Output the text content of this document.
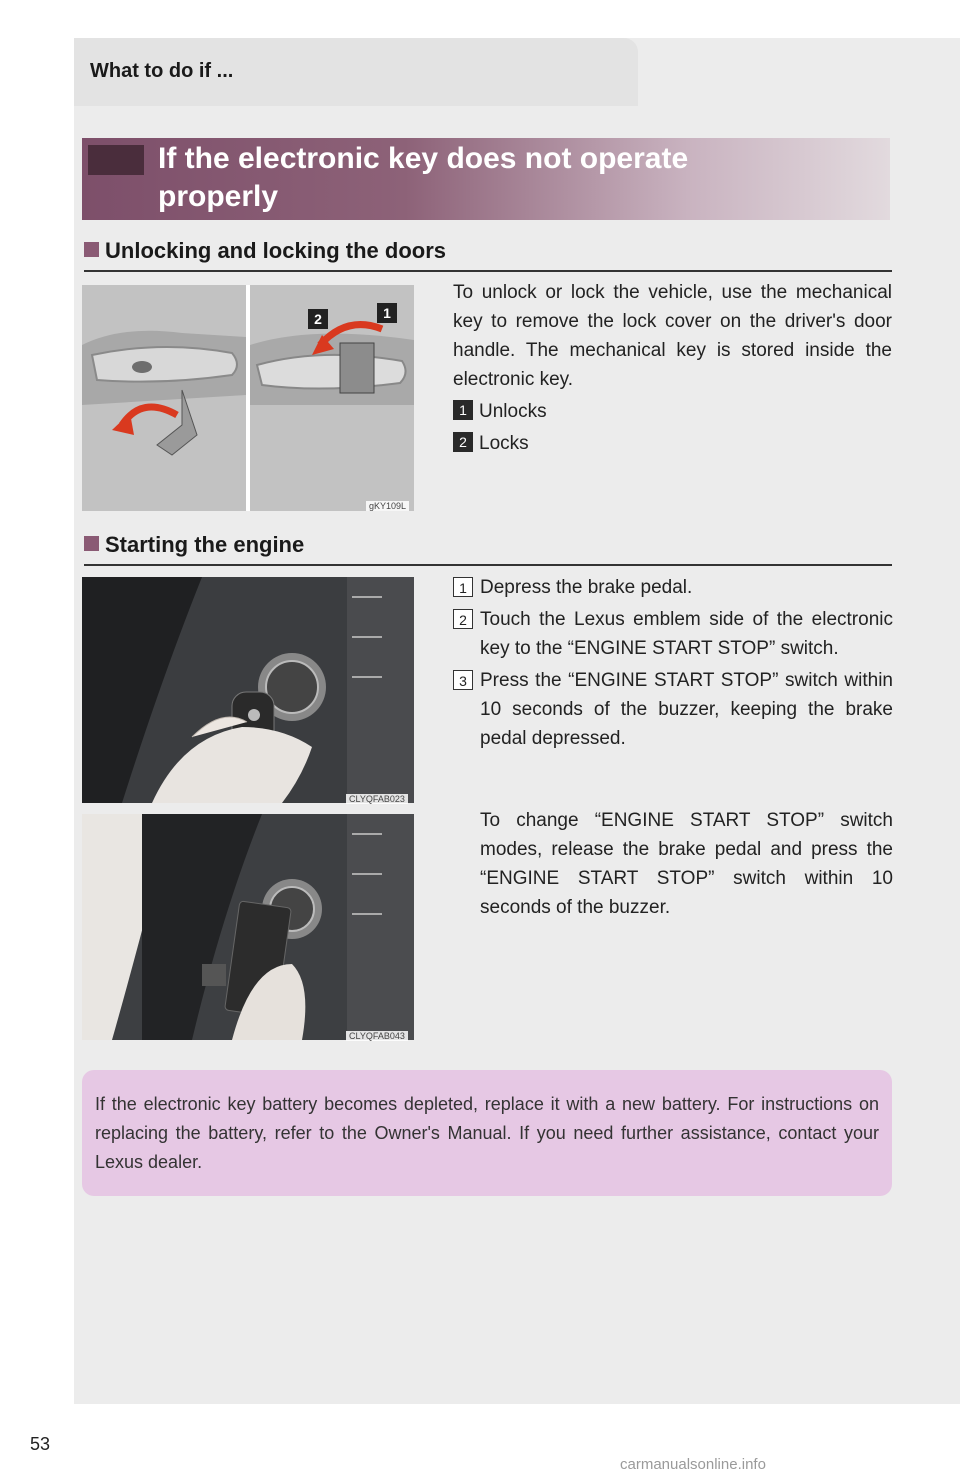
What to do if ...
If the electronic key does not operate
properly
Unlocking and locking the doors
2	1
gKY109L
To unlock or lock the vehicle, use the mechanical key to remove the lock cover on the driver's door handle. The mechanical key is stored inside the electronic key.
1 Unlocks
2 Locks
Starting the engine
CLYQFAB023
CLYQFAB043
1 Depress the brake pedal.
2 Touch the Lexus emblem side of the electronic key to the “ENGINE START STOP” switch.
3 Press the “ENGINE START STOP” switch within 10 seconds of the buzzer, keeping the brake pedal depressed.
To change “ENGINE START STOP” switch modes, release the brake pedal and press the “ENGINE START STOP” switch within 10 seconds of the buzzer.
If the electronic key battery becomes depleted, replace it with a new battery. For instructions on replacing the battery, refer to the Owner's Manual. If you need further assistance, contact your Lexus dealer.
53
carmanualsonline.info
